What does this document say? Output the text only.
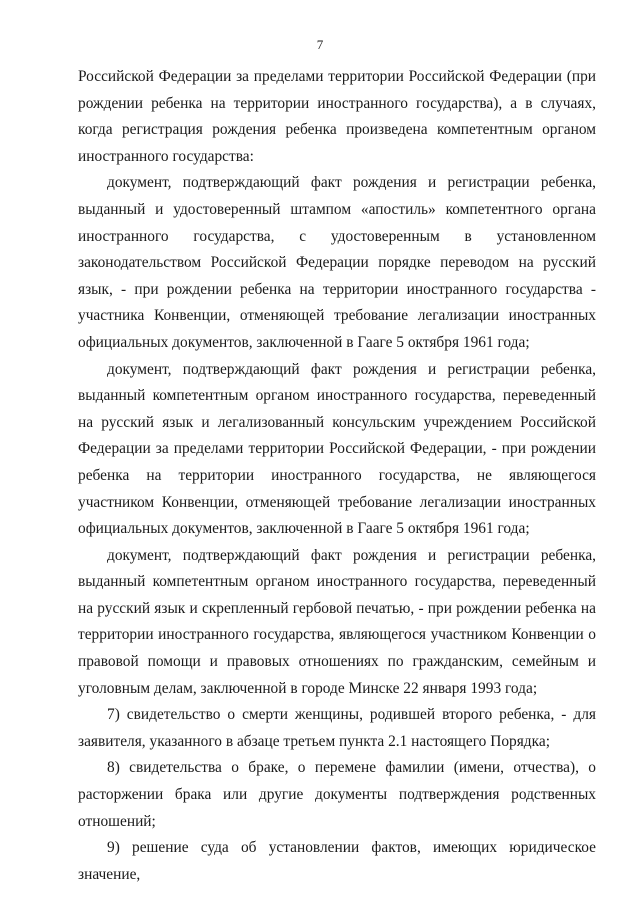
7

Российской Федерации за пределами территории Российской Федерации (при рождении ребенка на территории иностранного государства), а в случаях, когда регистрация рождения ребенка произведена компетентным органом иностранного государства:

документ, подтверждающий факт рождения и регистрации ребенка, выданный и удостоверенный штампом «апостиль» компетентного органа иностранного государства, с удостоверенным в установленном законодательством Российской Федерации порядке переводом на русский язык, - при рождении ребенка на территории иностранного государства - участника Конвенции, отменяющей требование легализации иностранных официальных документов, заключенной в Гааге 5 октября 1961 года;

документ, подтверждающий факт рождения и регистрации ребенка, выданный компетентным органом иностранного государства, переведенный на русский язык и легализованный консульским учреждением Российской Федерации за пределами территории Российской Федерации, - при рождении ребенка на территории иностранного государства, не являющегося участником Конвенции, отменяющей требование легализации иностранных официальных документов, заключенной в Гааге 5 октября 1961 года;

документ, подтверждающий факт рождения и регистрации ребенка, выданный компетентным органом иностранного государства, переведенный на русский язык и скрепленный гербовой печатью, - при рождении ребенка на территории иностранного государства, являющегося участником Конвенции о правовой помощи и правовых отношениях по гражданским, семейным и уголовным делам, заключенной в городе Минске 22 января 1993 года;

7) свидетельство о смерти женщины, родившей второго ребенка, - для заявителя, указанного в абзаце третьем пункта 2.1 настоящего Порядка;

8) свидетельства о браке, о перемене фамилии (имени, отчества), о расторжении брака или другие документы подтверждения родственных отношений;

9) решение суда об установлении фактов, имеющих юридическое значение,
